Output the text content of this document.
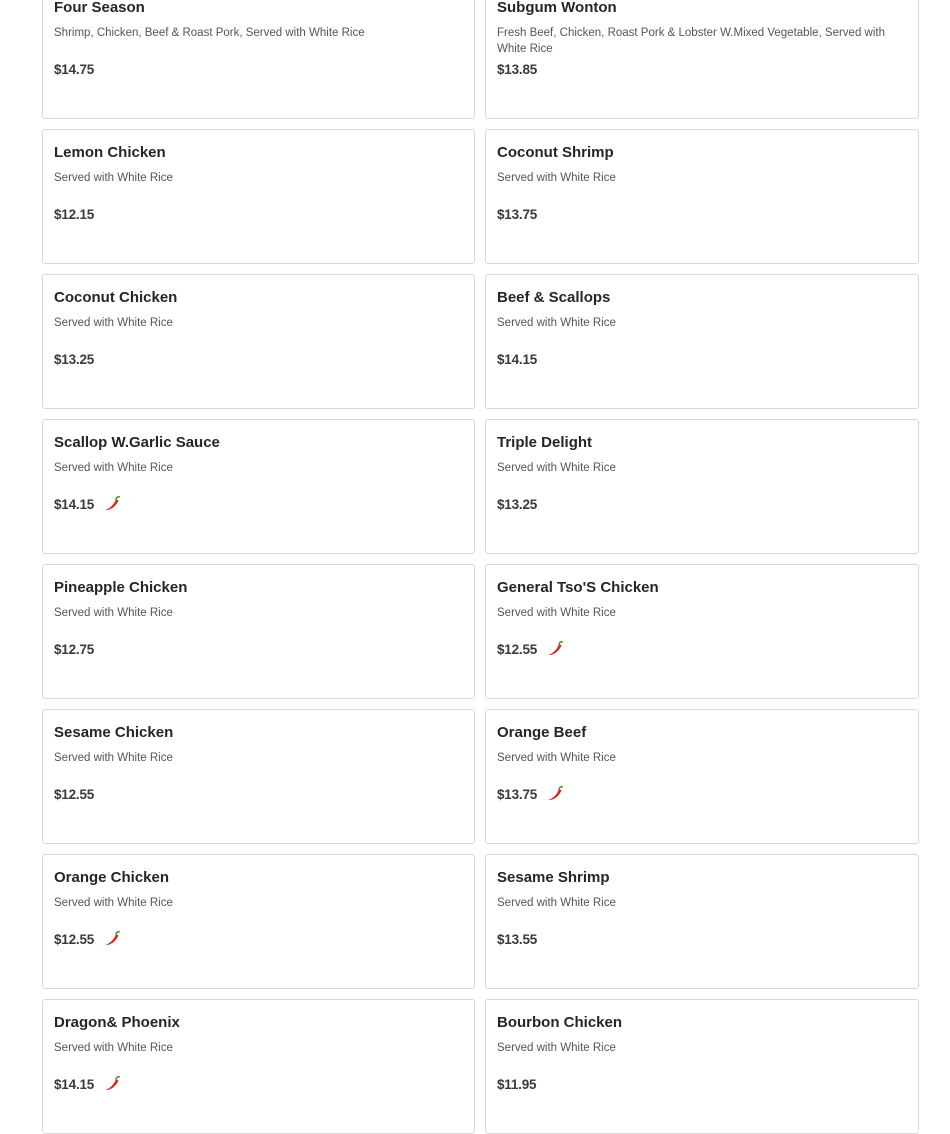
Four Season
Shrimp, Chicken, Beef & Roast Pork, Served with White Rice
$14.75
Subgum Wonton
Fresh Beef, Chicken, Roast Pork & Lobster W.Mixed Vegetable, Served with White Rice
$13.85
Lemon Chicken
Served with White Rice
$12.15
Coconut Shrimp
Served with White Rice
$13.75
Coconut Chicken
Served with White Rice
$13.25
Beef & Scallops
Served with White Rice
$14.15
Scallop W.Garlic Sauce
Served with White Rice
$14.15
Triple Delight
Served with White Rice
$13.25
Pineapple Chicken
Served with White Rice
$12.75
General Tso'S Chicken
Served with White Rice
$12.55
Sesame Chicken
Served with White Rice
$12.55
Orange Beef
Served with White Rice
$13.75
Orange Chicken
Served with White Rice
$12.55
Sesame Shrimp
Served with White Rice
$13.55
Dragon& Phoenix
Served with White Rice
$14.15
Bourbon Chicken
Served with White Rice
$11.95
